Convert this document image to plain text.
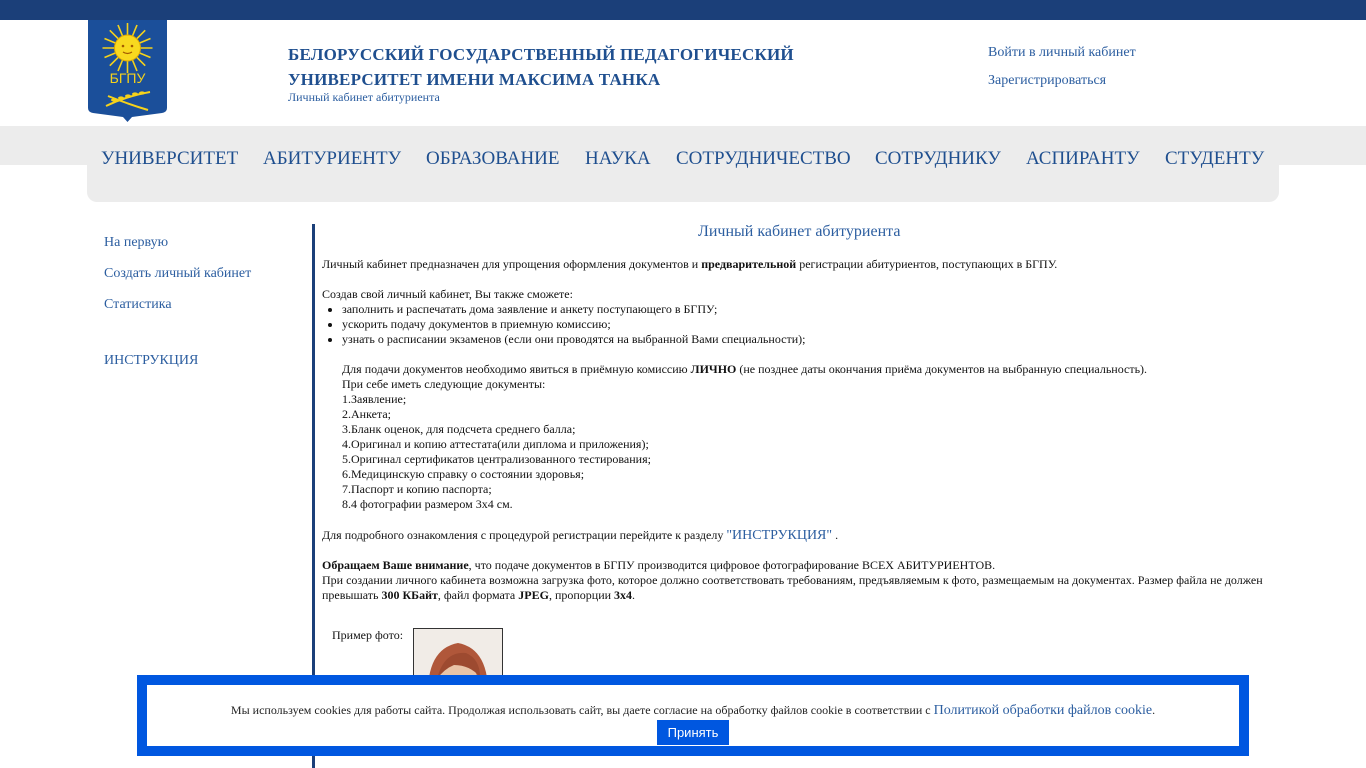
БГПУ
БЕЛОРУССКИЙ ГОСУДАРСТВЕННЫЙ ПЕДАГОГИЧЕСКИЙ
УНИВЕРСИТЕТ ИМЕНИ МАКСИМА ТАНКА
Личный кабинет абитуриента
Войти в личный кабинет
Зарегистрироваться
УНИВЕРСИТЕТ АБИТУРИЕНТУ ОБРАЗОВАНИЕ НАУКА СОТРУДНИЧЕСТВО СОТРУДНИКУ АСПИРАНТУ СТУДЕНТУ
На первую
Создать личный кабинет
Статистика
ИНСТРУКЦИЯ
Личный кабинет абитуриента
Личный кабинет предназначен для упрощения оформления документов и предварительной регистрации абитуриентов, поступающих в БГПУ.
Создав свой личный кабинет, Вы также сможете:
• заполнить и распечатать дома заявление и анкету поступающего в БГПУ;
• ускорить подачу документов в приемную комиссию;
• узнать о расписании экзаменов (если они проводятся на выбранной Вами специальности);
Для подачи документов необходимо явиться в приёмную комиссию ЛИЧНО (не позднее даты окончания приёма документов на выбранную специальность).
При себе иметь следующие документы:
1.Заявление;
2.Анкета;
3.Бланк оценок, для подсчета среднего балла;
4.Оригинал и копию аттестата(или диплома и приложения);
5.Оригинал сертификатов централизованного тестирования;
6.Медицинскую справку о состоянии здоровья;
7.Паспорт и копию паспорта;
8.4 фотографии размером 3x4 см.
Для подробного ознакомления с процедурой регистрации перейдите к разделу "ИНСТРУКЦИЯ" .

Обращаем Ваше внимание, что подаче документов в БГПУ производится цифровое фотографирование ВСЕХ АБИТУРИЕНТОВ.

При создании личного кабинета возможна загрузка фото, которое должно соответствовать требованиям, предъявляемым к фото, размещаемым на документах. Размер файла не должен превышать 300 КБайт, файл формата JPEG, пропорции 3x4.

Пример фото:
Мы используем cookies для работы сайта. Продолжая использовать сайт, вы даете согласие на обработку файлов cookie в соответствии с Политикой обработки файлов cookie.
Принять
